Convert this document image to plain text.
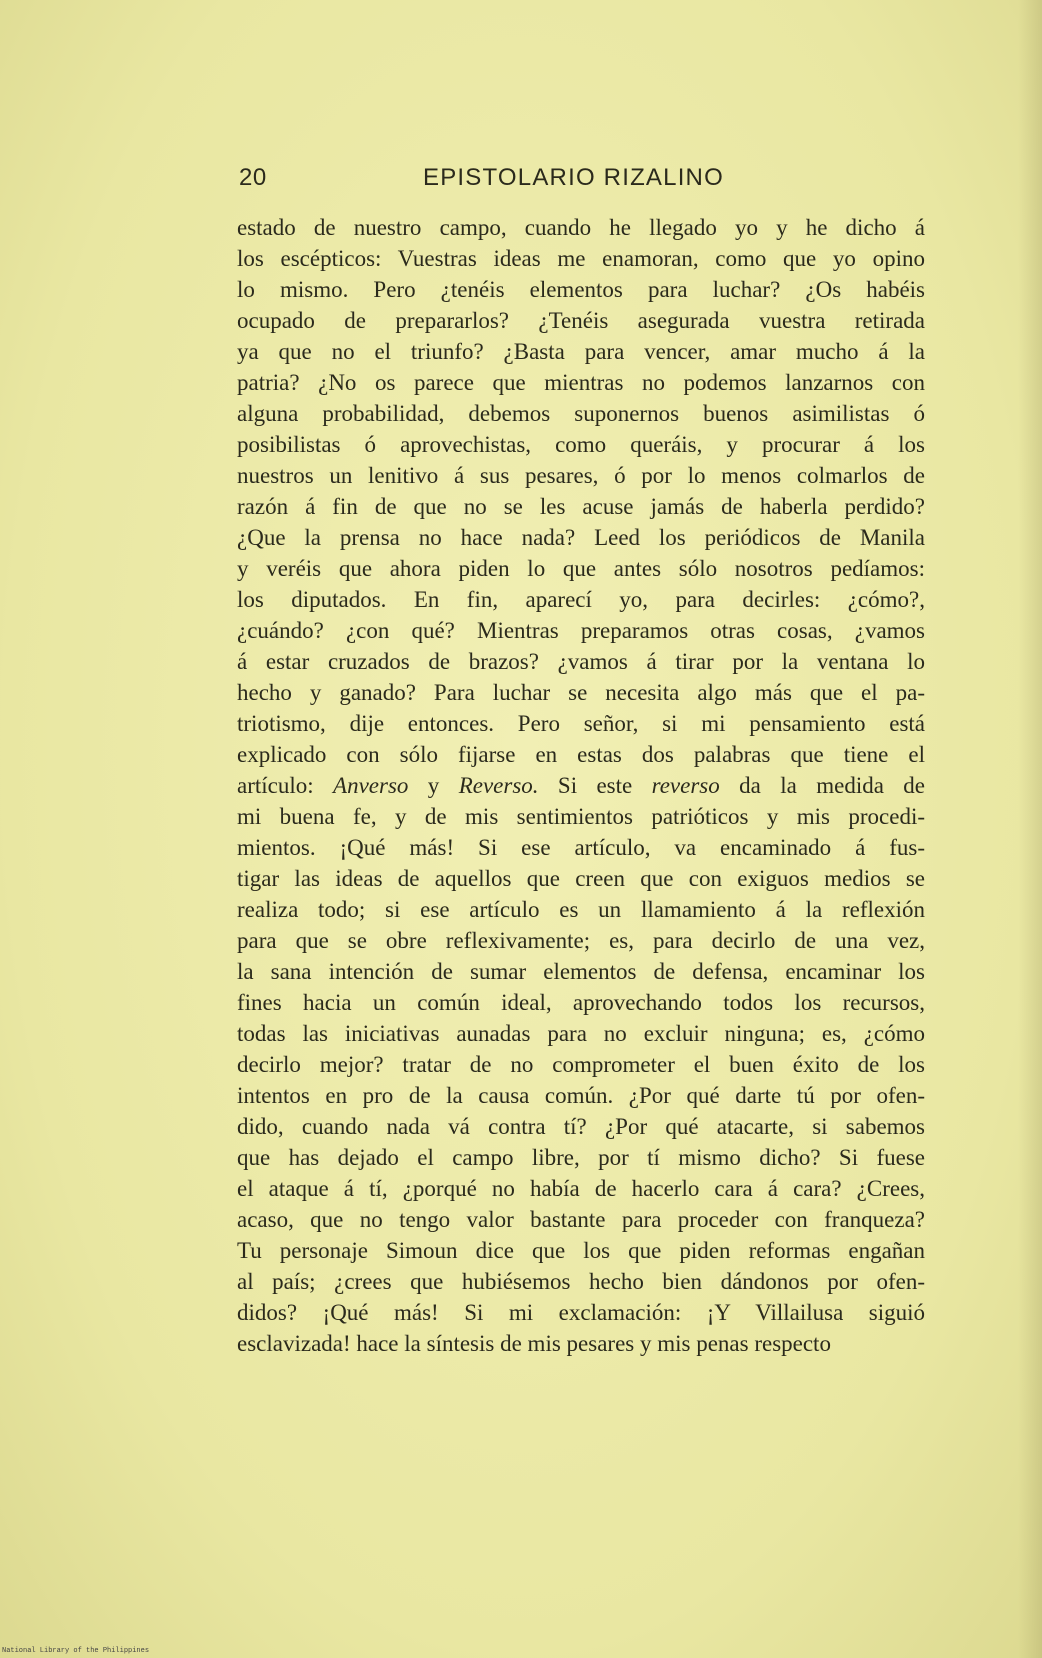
20	EPISTOLARIO RIZALINO
estado de nuestro campo, cuando he llegado yo y he dicho á
los escépticos: Vuestras ideas me enamoran, como que yo opino
lo mismo. Pero ¿tenéis elementos para luchar? ¿Os habéis
ocupado de prepararlos? ¿Tenéis asegurada vuestra retirada
ya que no el triunfo? ¿Basta para vencer, amar mucho á la
patria? ¿No os parece que mientras no podemos lanzarnos con
alguna probabilidad, debemos suponernos buenos asimilistas ó
posibilistas ó aprovechistas, como queráis, y procurar á los
nuestros un lenitivo á sus pesares, ó por lo menos colmarlos de
razón á fin de que no se les acuse jamás de haberla perdido?
¿Que la prensa no hace nada? Leed los periódicos de Manila
y veréis que ahora piden lo que antes sólo nosotros pedíamos:
los diputados. En fin, aparecí yo, para decirles: ¿cómo?,
¿cuándo? ¿con qué? Mientras preparamos otras cosas, ¿vamos
á estar cruzados de brazos? ¿vamos á tirar por la ventana lo
hecho y ganado? Para luchar se necesita algo más que el pa-
triotismo, dije entonces. Pero señor, si mi pensamiento está
explicado con sólo fijarse en estas dos palabras que tiene el
artículo: Anverso y Reverso. Si este reverso da la medida de
mi buena fe, y de mis sentimientos patrióticos y mis procedi-
mientos. ¡Qué más! Si ese artículo, va encaminado á fus-
tigar las ideas de aquellos que creen que con exiguos medios se
realiza todo; si ese artículo es un llamamiento á la reflexión
para que se obre reflexivamente; es, para decirlo de una vez,
la sana intención de sumar elementos de defensa, encaminar los
fines hacia un común ideal, aprovechando todos los recursos,
todas las iniciativas aunadas para no excluir ninguna; es, ¿cómo
decirlo mejor? tratar de no comprometer el buen éxito de los
intentos en pro de la causa común. ¿Por qué darte tú por ofen-
dido, cuando nada vá contra tí? ¿Por qué atacarte, si sabemos
que has dejado el campo libre, por tí mismo dicho? Si fuese
el ataque á tí, ¿porqué no había de hacerlo cara á cara? ¿Crees,
acaso, que no tengo valor bastante para proceder con franqueza?
Tu personaje Simoun dice que los que piden reformas engañan
al país; ¿crees que hubiésemos hecho bien dándonos por ofen-
didos? ¡Qué más! Si mi exclamación: ¡Y Villailusa siguió
esclavizada! hace la síntesis de mis pesares y mis penas respecto
National Library of the Philippines
